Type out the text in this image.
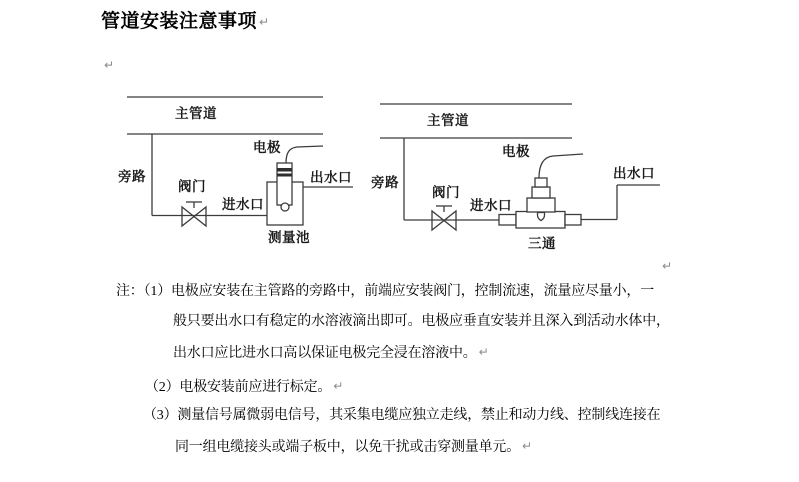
管道安装注意事项 ↵
↵
↵
主管道
旁路
阀门
进水口
电极
出水口
测量池
主管道
旁路
阀门
进水口
电极
出水口
三通
注：（1）电极应安装在主管路的旁路中，前端应安装阀门，控制流速，流量应尽量小，一
般只要出水口有稳定的水溶液滴出即可。电极应垂直安装并且深入到活动水体中，
出水口应比进水口高以保证电极完全浸在溶液中。 ↵
（2）电极安装前应进行标定。 ↵
（3）测量信号属微弱电信号，其采集电缆应独立走线，禁止和动力线、控制线连接在
同一组电缆接头或端子板中，以免干扰或击穿测量单元。 ↵
